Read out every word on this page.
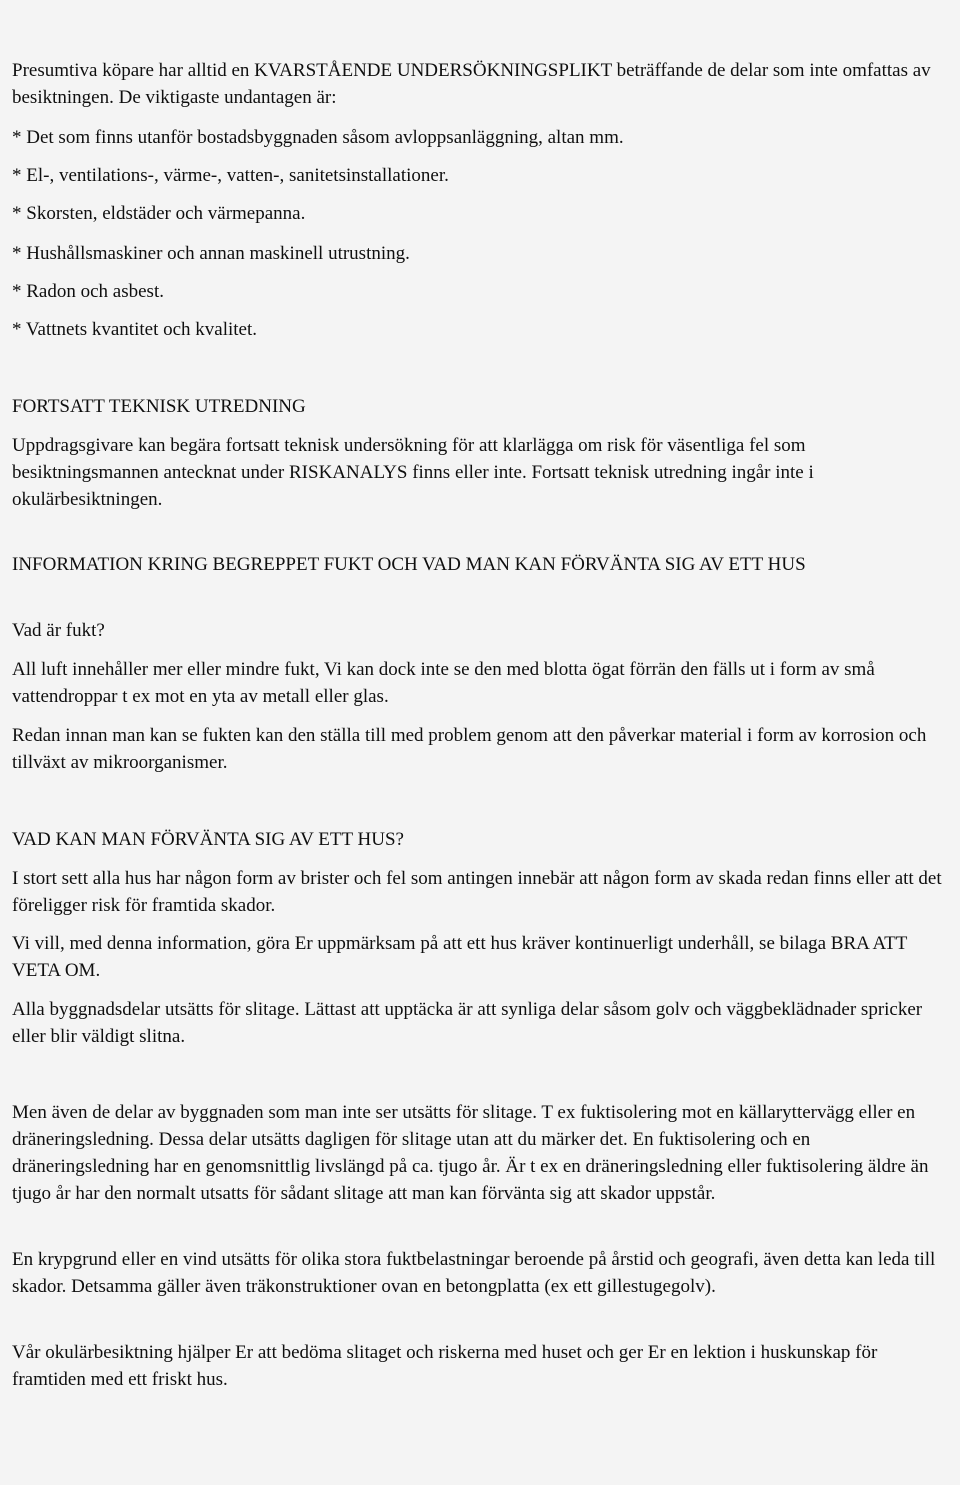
Presumtiva köpare har alltid en KVARSTÅENDE UNDERSÖKNINGSPLIKT beträffande de delar som inte omfattas av besiktningen. De viktigaste undantagen är:

* Det som finns utanför bostadsbyggnaden såsom avloppsanläggning, altan mm.

* El-, ventilations-, värme-, vatten-, sanitetsinstallationer.

* Skorsten, eldstäder och värmepanna.

* Hushållsmaskiner och annan maskinell utrustning.

* Radon och asbest.

* Vattnets kvantitet och kvalitet.

FORTSATT TEKNISK UTREDNING

Uppdragsgivare kan begära fortsatt teknisk undersökning för att klarlägga om risk för väsentliga fel som besiktningsmannen antecknat under RISKANALYS finns eller inte. Fortsatt teknisk utredning ingår inte i okulärbesiktningen.

INFORMATION KRING BEGREPPET FUKT OCH VAD MAN KAN FÖRVÄNTA SIG AV ETT HUS

Vad är fukt?

All luft innehåller mer eller mindre fukt, Vi kan dock inte se den med blotta ögat förrän den fälls ut i form av små vattendroppar t ex mot en yta av metall eller glas.

Redan innan man kan se fukten kan den ställa till med problem genom att den påverkar material i form av korrosion och tillväxt av mikroorganismer.

VAD KAN MAN FÖRVÄNTA SIG AV ETT HUS?

I stort sett alla hus har någon form av brister och fel som antingen innebär att någon form av skada redan finns eller att det föreligger risk för framtida skador.

Vi vill, med denna information, göra Er uppmärksam på att ett hus kräver kontinuerligt underhåll, se bilaga BRA ATT VETA OM.

Alla byggnadsdelar utsätts för slitage. Lättast att upptäcka är att synliga delar såsom golv och väggbeklädnader spricker eller blir väldigt slitna.

Men även de delar av byggnaden som man inte ser utsätts för slitage. T ex fuktisolering mot en källaryttervägg eller en dräneringsledning. Dessa delar utsätts dagligen för slitage utan att du märker det. En fuktisolering och en dräneringsledning har en genomsnittlig livslängd på ca. tjugo år. Är t ex en dräneringsledning eller fuktisolering äldre än tjugo år har den normalt utsatts för sådant slitage att man kan förvänta sig att skador uppstår.

En krypgrund eller en vind utsätts för olika stora fuktbelastningar beroende på årstid och geografi, även detta kan leda till skador. Detsamma gäller även träkonstruktioner ovan en betongplatta (ex ett gillestugegolv).

Vår okulärbesiktning hjälper Er att bedöma slitaget och riskerna med huset och ger Er en lektion i huskunskap för framtiden med ett friskt hus.
